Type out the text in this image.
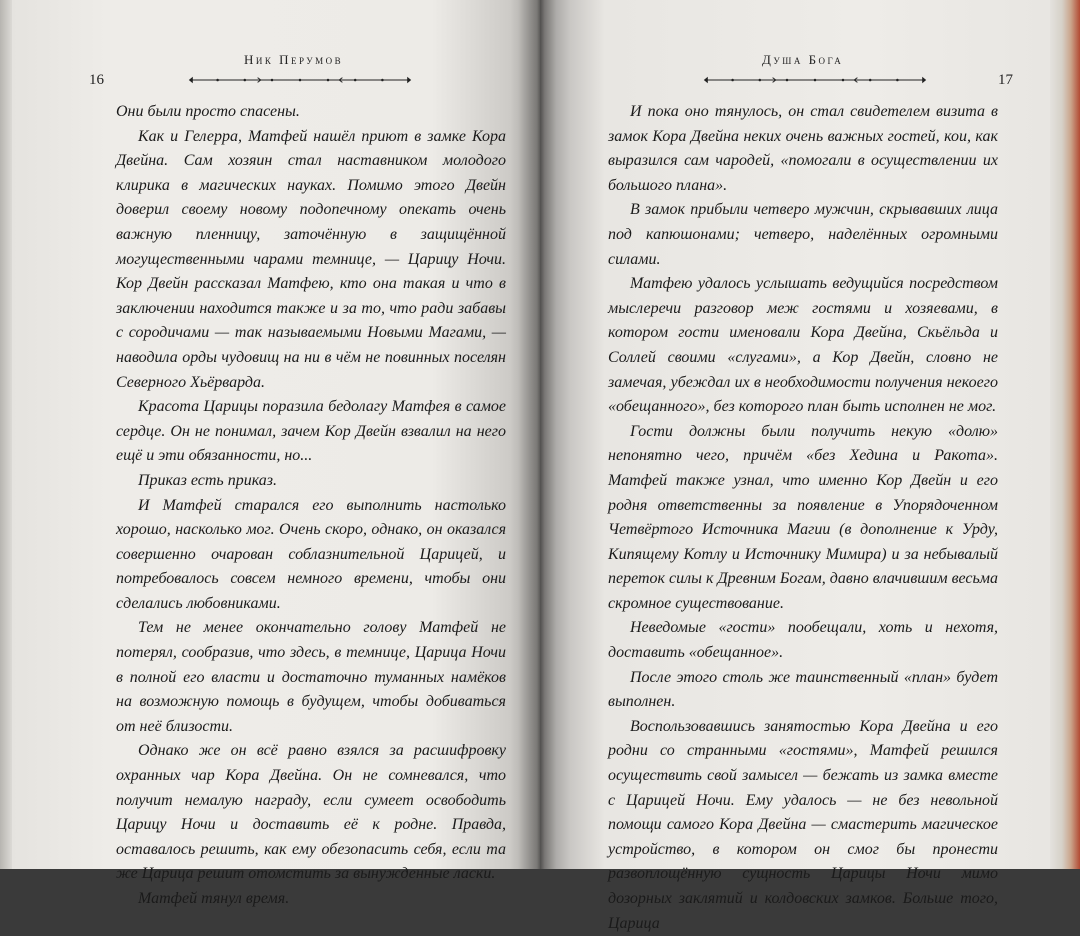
Ник Перумов
16

Они были просто спасены.

Как и Гелерра, Матфей нашёл приют в замке Кора Двейна. Сам хозяин стал наставником молодого клирика в магических науках. Помимо этого Двейн доверил своему новому подопечному опекать очень важную пленницу, заточённую в защищённой могущественными чарами темнице, — Царицу Ночи. Кор Двейн рассказал Матфею, кто она такая и что в заключении находится также и за то, что ради забавы с сородичами — так называемыми Новыми Магами, — наводила орды чудовищ на ни в чём не повинных поселян Северного Хьёрварда.

Красота Царицы поразила бедолагу Матфея в самое сердце. Он не понимал, зачем Кор Двейн взвалил на него ещё и эти обязанности, но...

Приказ есть приказ.

И Матфей старался его выполнить настолько хорошо, насколько мог. Очень скоро, однако, он оказался совершенно очарован соблазнительной Царицей, и потребовалось совсем немного времени, чтобы они сделались любовниками.

Тем не менее окончательно голову Матфей не потерял, сообразив, что здесь, в темнице, Царица Ночи в полной его власти и достаточно туманных намёков на возможную помощь в будущем, чтобы добиваться от неё близости.

Однако же он всё равно взялся за расшифровку охранных чар Кора Двейна. Он не сомневался, что получит немалую награду, если сумеет освободить Царицу Ночи и доставить её к родне. Правда, оставалось решить, как ему обезопасить себя, если та же Царица решит отомстить за вынужденные ласки.

Матфей тянул время.

Душа Бога
17

И пока оно тянулось, он стал свидетелем визита в замок Кора Двейна неких очень важных гостей, кои, как выразился сам чародей, «помогали в осуществлении их большого плана».

В замок прибыли четверо мужчин, скрывавших лица под капюшонами; четверо, наделённых огромными силами.

Матфею удалось услышать ведущийся посредством мыслеречи разговор меж гостями и хозяевами, в котором гости именовали Кора Двейна, Скьёльда и Соллей своими «слугами», а Кор Двейн, словно не замечая, убеждал их в необходимости получения некоего «обещанного», без которого план быть исполнен не мог.

Гости должны были получить некую «долю» непонятно чего, причём «без Хедина и Ракота». Матфей также узнал, что именно Кор Двейн и его родня ответственны за появление в Упорядоченном Четвёртого Источника Магии (в дополнение к Урду, Кипящему Котлу и Источнику Мимира) и за небывалый переток силы к Древним Богам, давно влачившим весьма скромное существование.

Неведомые «гости» пообещали, хоть и нехотя, доставить «обещанное».

После этого столь же таинственный «план» будет выполнен.

Воспользовавшись занятостью Кора Двейна и его родни со странными «гостями», Матфей решился осуществить свой замысел — бежать из замка вместе с Царицей Ночи. Ему удалось — не без невольной помощи самого Кора Двейна — смастерить магическое устройство, в котором он смог бы пронести развоплощённую сущность Царицы Ночи мимо дозорных заклятий и колдовских замков. Больше того, Царица
